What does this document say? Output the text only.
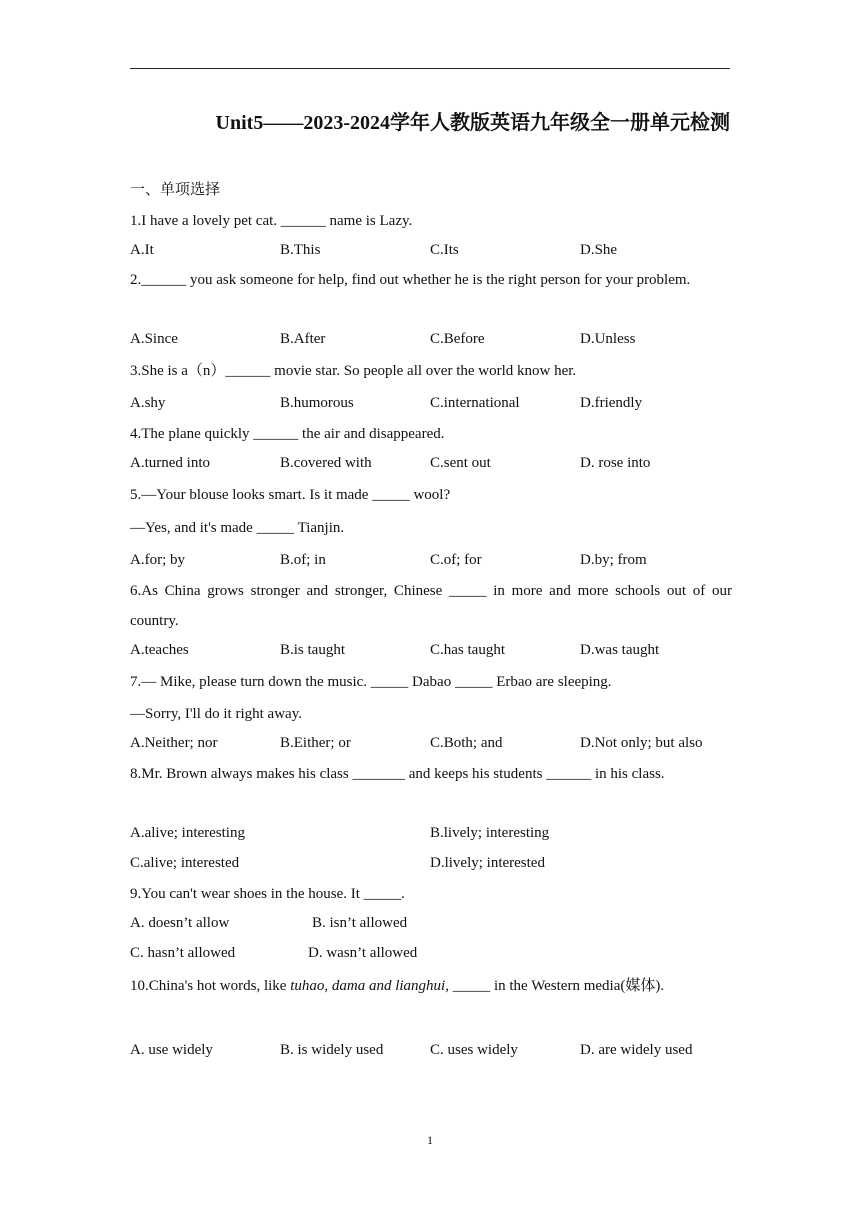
Unit5——2023-2024学年人教版英语九年级全一册单元检测
一、单项选择
1.I have a lovely pet cat. ______ name is Lazy.
A.It	B.This	C.Its	D.She
2.______ you ask someone for help, find out whether he is the right person for your problem.
A.Since	B.After	C.Before	D.Unless
3.She is a（n）______ movie star. So people all over the world know her.
A.shy	B.humorous	C.international	D.friendly
4.The plane quickly ______ the air and disappeared.
A.turned into	B.covered with	C.sent out	D. rose into
5.—Your blouse looks smart. Is it made _____ wool?
—Yes, and it's made _____ Tianjin.
A.for; by	B.of; in	C.of; for	D.by; from
6.As China grows stronger and stronger, Chinese _____ in more and more schools out of our country.
A.teaches	B.is taught	C.has taught	D.was taught
7.— Mike, please turn down the music. _____ Dabao _____ Erbao are sleeping.
—Sorry, I'll do it right away.
A.Neither; nor	B.Either; or	C.Both; and	D.Not only; but also
8.Mr. Brown always makes his class _______ and keeps his students ______ in his class.
A.alive; interesting	B.lively; interesting
C.alive; interested	D.lively; interested
9.You can't wear shoes in the house. It _____.
A. doesn’t allow	B. isn’t allowed
C. hasn’t allowed	D. wasn’t allowed
10.China's hot words, like tuhao, dama and lianghui, _____ in the Western media(媒体).
A. use widely	B. is widely used	C. uses widely	D. are widely used
1
